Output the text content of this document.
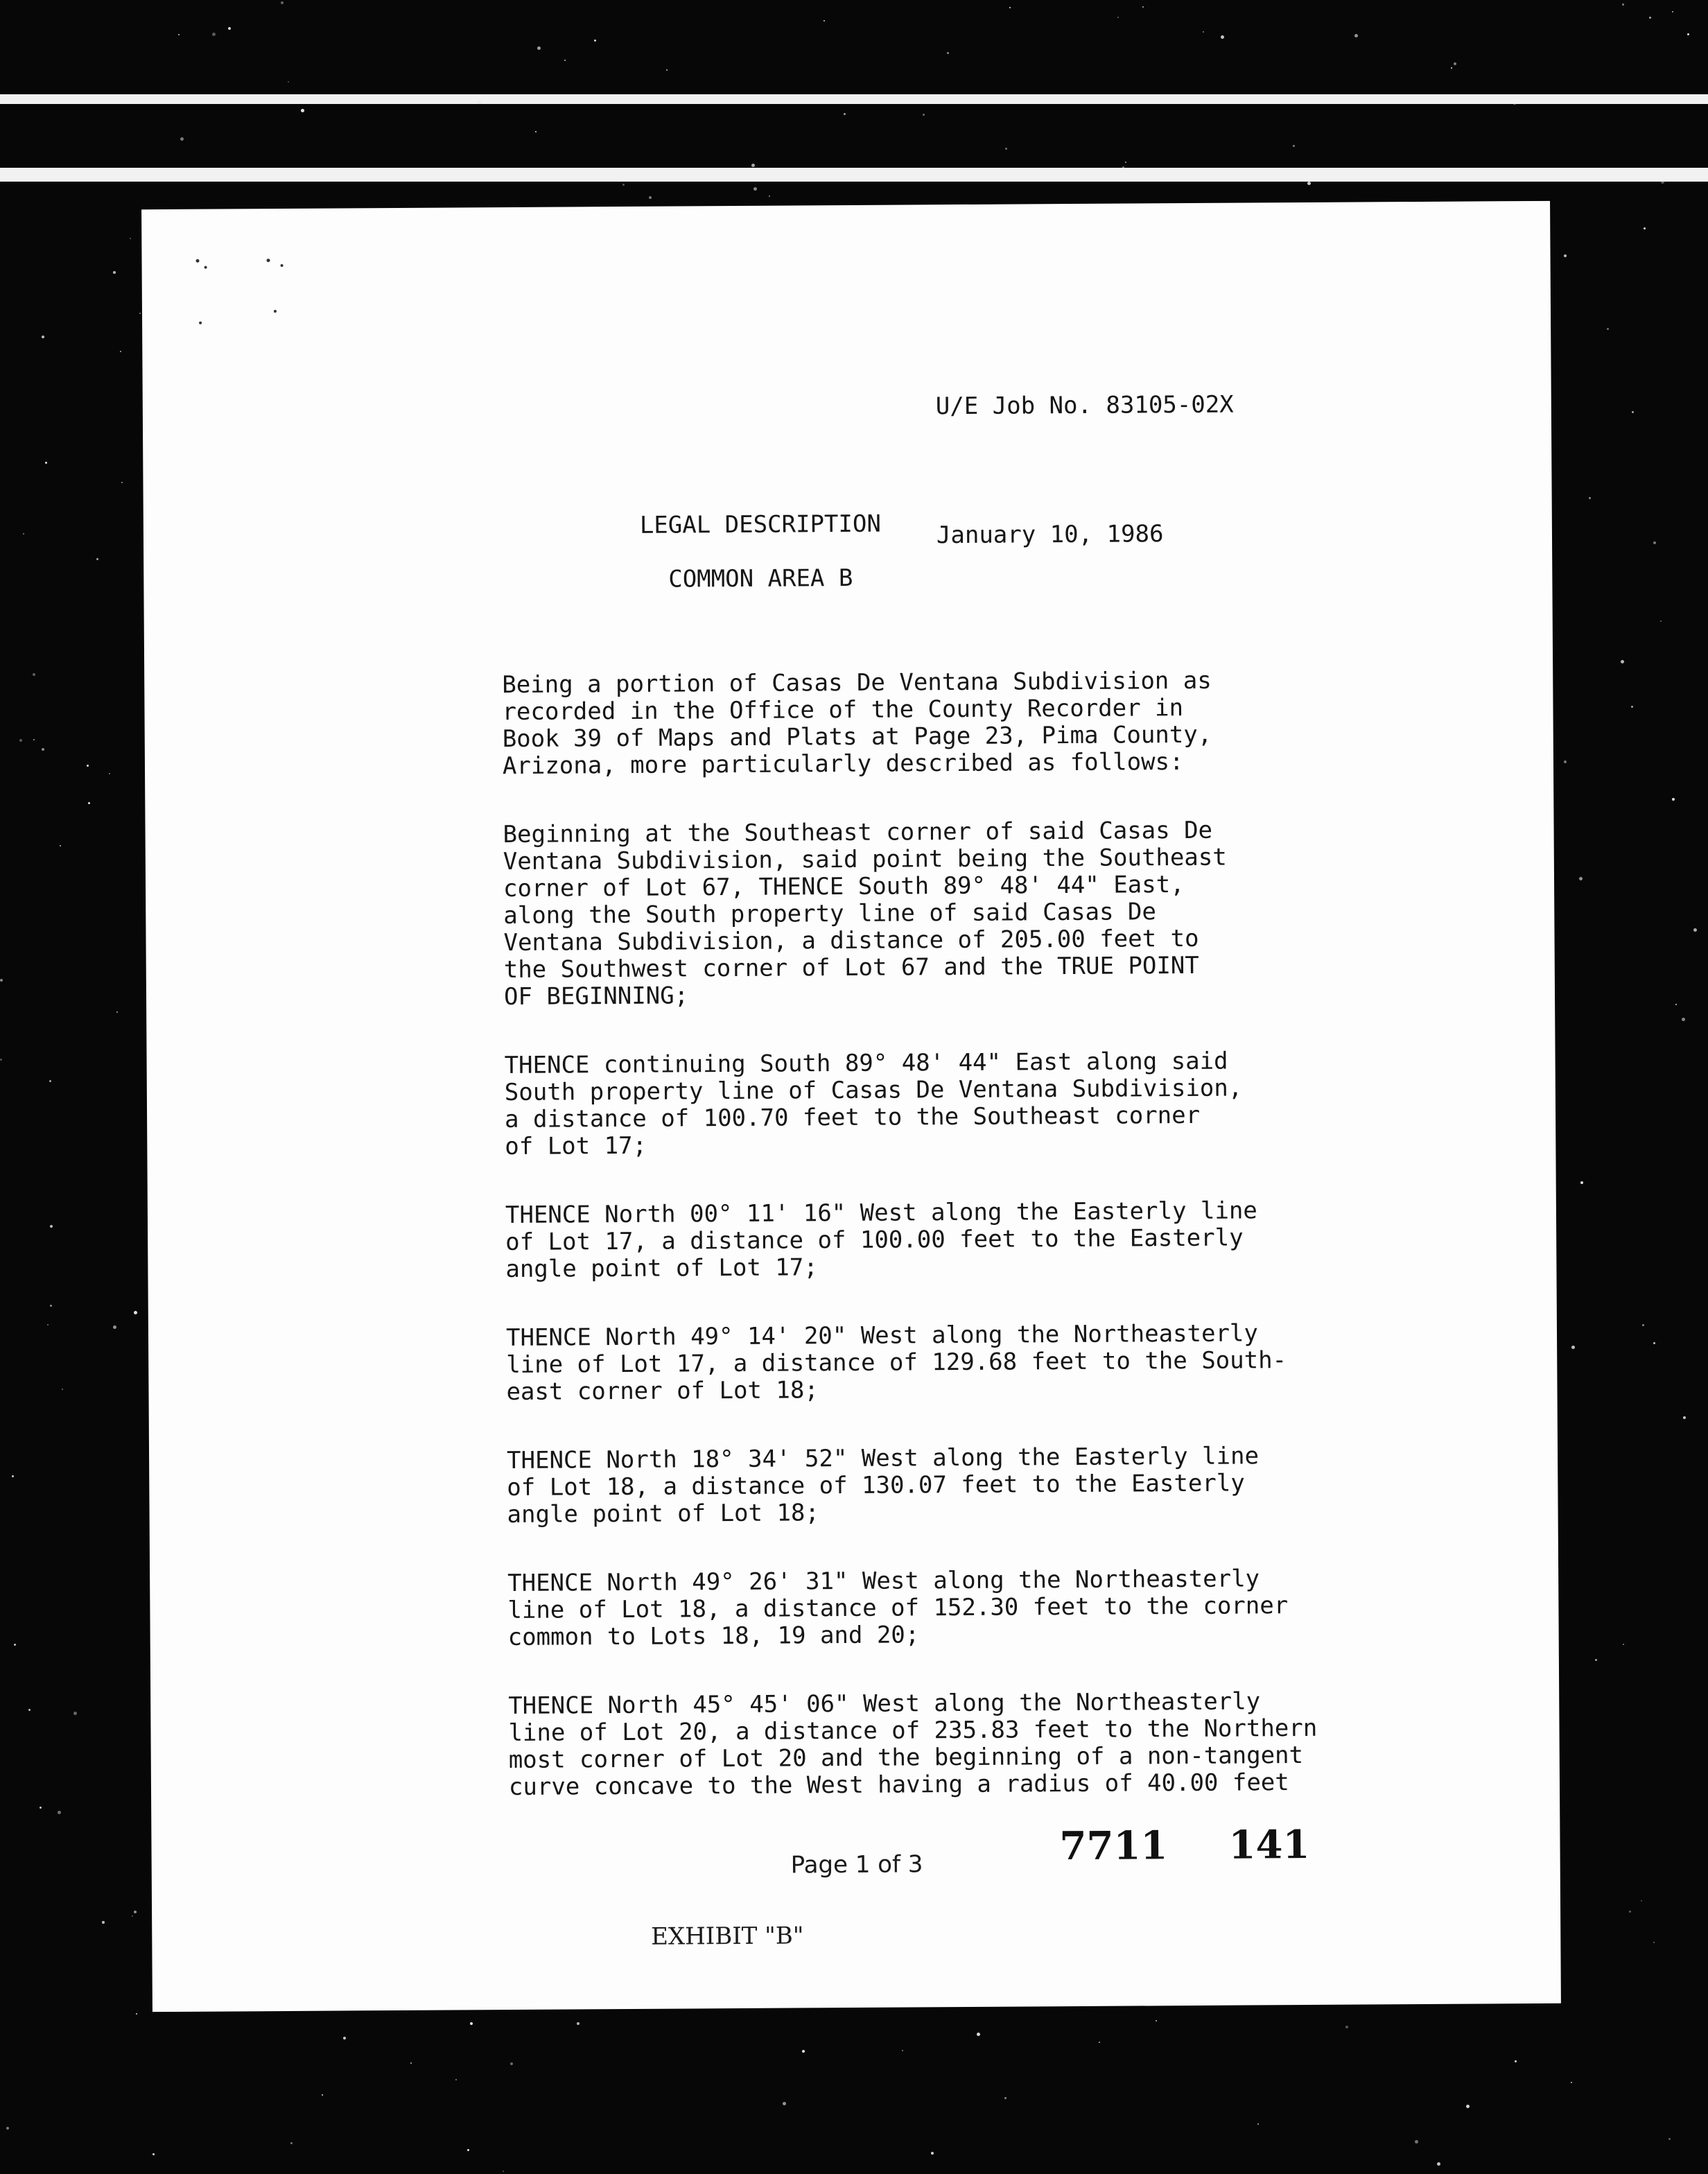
U/E Job No. 83105-02X

January 10, 1986

LEGAL DESCRIPTION
COMMON AREA B
Being a portion of Casas De Ventana Subdivision as
recorded in the Office of the County Recorder in
Book 39 of Maps and Plats at Page 23, Pima County,
Arizona, more particularly described as follows:
Beginning at the Southeast corner of said Casas De
Ventana Subdivision, said point being the Southeast
corner of Lot 67, THENCE South 89° 48' 44" East,
along the South property line of said Casas De
Ventana Subdivision, a distance of 205.00 feet to
the Southwest corner of Lot 67 and the TRUE POINT
OF BEGINNING;
THENCE continuing South 89° 48' 44" East along said
South property line of Casas De Ventana Subdivision,
a distance of 100.70 feet to the Southeast corner
of Lot 17;
THENCE North 00° 11' 16" West along the Easterly line
of Lot 17, a distance of 100.00 feet to the Easterly
angle point of Lot 17;
THENCE North 49° 14' 20" West along the Northeasterly
line of Lot 17, a distance of 129.68 feet to the South-
east corner of Lot 18;
THENCE North 18° 34' 52" West along the Easterly line
of Lot 18, a distance of 130.07 feet to the Easterly
angle point of Lot 18;
THENCE North 49° 26' 31" West along the Northeasterly
line of Lot 18, a distance of 152.30 feet to the corner
common to Lots 18, 19 and 20;
THENCE North 45° 45' 06" West along the Northeasterly
line of Lot 20, a distance of 235.83 feet to the Northern
most corner of Lot 20 and the beginning of a non-tangent
curve concave to the West having a radius of 40.00 feet
Page 1 of 3	7711 141
EXHIBIT "B"
